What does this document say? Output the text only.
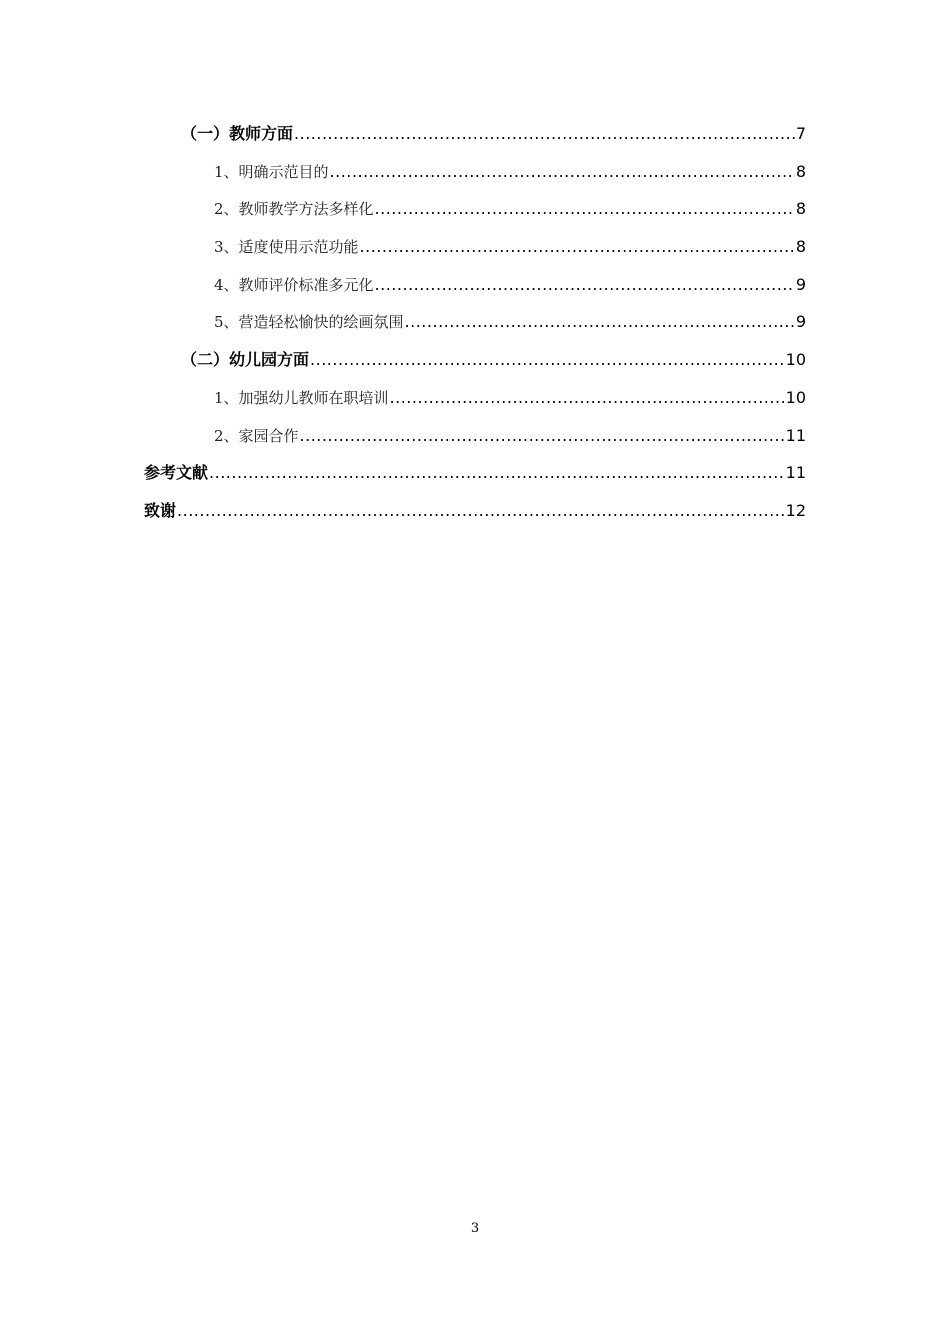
（一）教师方面 .....	7
1、明确示范目的 .....	8
2、教师教学方法多样化 .....	8
3、适度使用示范功能 .....	8
4、教师评价标准多元化 .....	9
5、营造轻松愉快的绘画氛围 .....	9
（二）幼儿园方面 .....	10
1、加强幼儿教师在职培训 .....	10
2、家园合作 .....	11
参考文献 .....	11
致谢 .....	12
3
